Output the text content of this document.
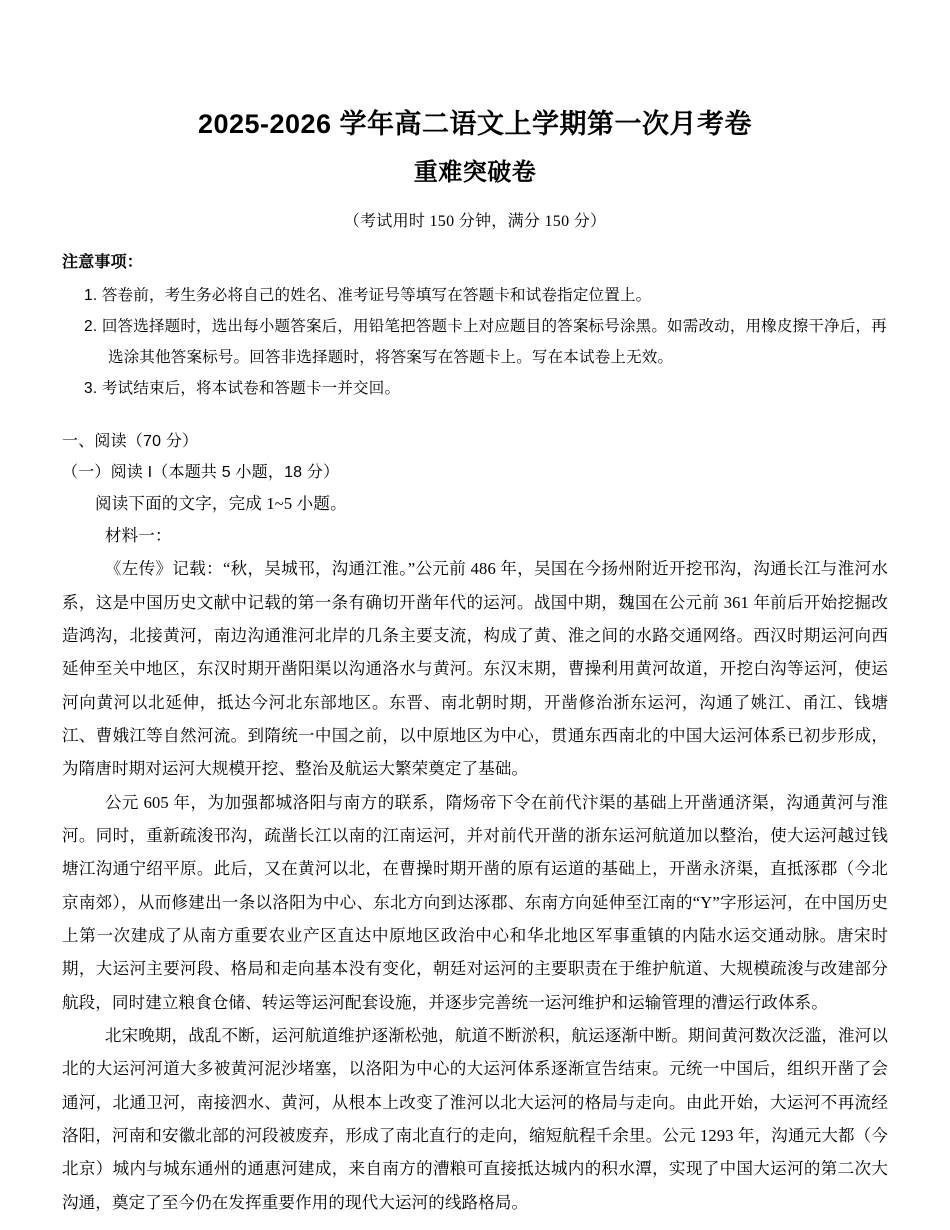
2025-2026 学年高二语文上学期第一次月考卷
重难突破卷

（考试用时 150 分钟，满分 150 分）

注意事项：

1. 答卷前，考生务必将自己的姓名、准考证号等填写在答题卡和试卷指定位置上。
2. 回答选择题时，选出每小题答案后，用铅笔把答题卡上对应题目的答案标号涂黑。如需改动，用橡皮擦干净后，再选涂其他答案标号。回答非选择题时，将答案写在答题卡上。写在本试卷上无效。
3. 考试结束后，将本试卷和答题卡一并交回。

一、阅读（70 分）

（一）阅读 I（本题共 5 小题，18 分）

阅读下面的文字，完成 1~5 小题。

材料一：

《左传》记载：“秋，吴城邗，沟通江淮。”公元前 486 年，吴国在今扬州附近开挖邗沟，沟通长江与淮河水系，这是中国历史文献中记载的第一条有确切开凿年代的运河。战国中期，魏国在公元前 361 年前后开始挖掘改造鸿沟，北接黄河，南边沟通淮河北岸的几条主要支流，构成了黄、淮之间的水路交通网络。西汉时期运河向西延伸至关中地区，东汉时期开凿阳渠以沟通洛水与黄河。东汉末期，曹操利用黄河故道，开挖白沟等运河，使运河向黄河以北延伸，抵达今河北东部地区。东晋、南北朝时期，开凿修治浙东运河，沟通了姚江、甬江、钱塘江、曹娥江等自然河流。到隋统一中国之前，以中原地区为中心，贯通东西南北的中国大运河体系已初步形成，为隋唐时期对运河大规模开挖、整治及航运大繁荣奠定了基础。

公元 605 年，为加强都城洛阳与南方的联系，隋炀帝下令在前代汴渠的基础上开凿通济渠，沟通黄河与淮河。同时，重新疏浚邗沟，疏凿长江以南的江南运河，并对前代开凿的浙东运河航道加以整治，使大运河越过钱塘江沟通宁绍平原。此后，又在黄河以北，在曹操时期开凿的原有运道的基础上，开凿永济渠，直抵涿郡（今北京南郊），从而修建出一条以洛阳为中心、东北方向到达涿郡、东南方向延伸至江南的“Y”字形运河，在中国历史上第一次建成了从南方重要农业产区直达中原地区政治中心和华北地区军事重镇的内陆水运交通动脉。唐宋时期，大运河主要河段、格局和走向基本没有变化，朝廷对运河的主要职责在于维护航道、大规模疏浚与改建部分航段，同时建立粮食仓储、转运等运河配套设施，并逐步完善统一运河维护和运输管理的漕运行政体系。

北宋晚期，战乱不断，运河航道维护逐渐松弛，航道不断淤积，航运逐渐中断。期间黄河数次泛滥，淮河以北的大运河河道大多被黄河泥沙堵塞，以洛阳为中心的大运河体系逐渐宣告结束。元统一中国后，组织开凿了会通河，北通卫河，南接泗水、黄河，从根本上改变了淮河以北大运河的格局与走向。由此开始，大运河不再流经洛阳，河南和安徽北部的河段被废弃，形成了南北直行的走向，缩短航程千余里。公元 1293 年，沟通元大都（今北京）城内与城东通州的通惠河建成，来自南方的漕粮可直接抵达城内的积水潭，实现了中国大运河的第二次大沟通，奠定了至今仍在发挥重要作用的现代大运河的线路格局。
